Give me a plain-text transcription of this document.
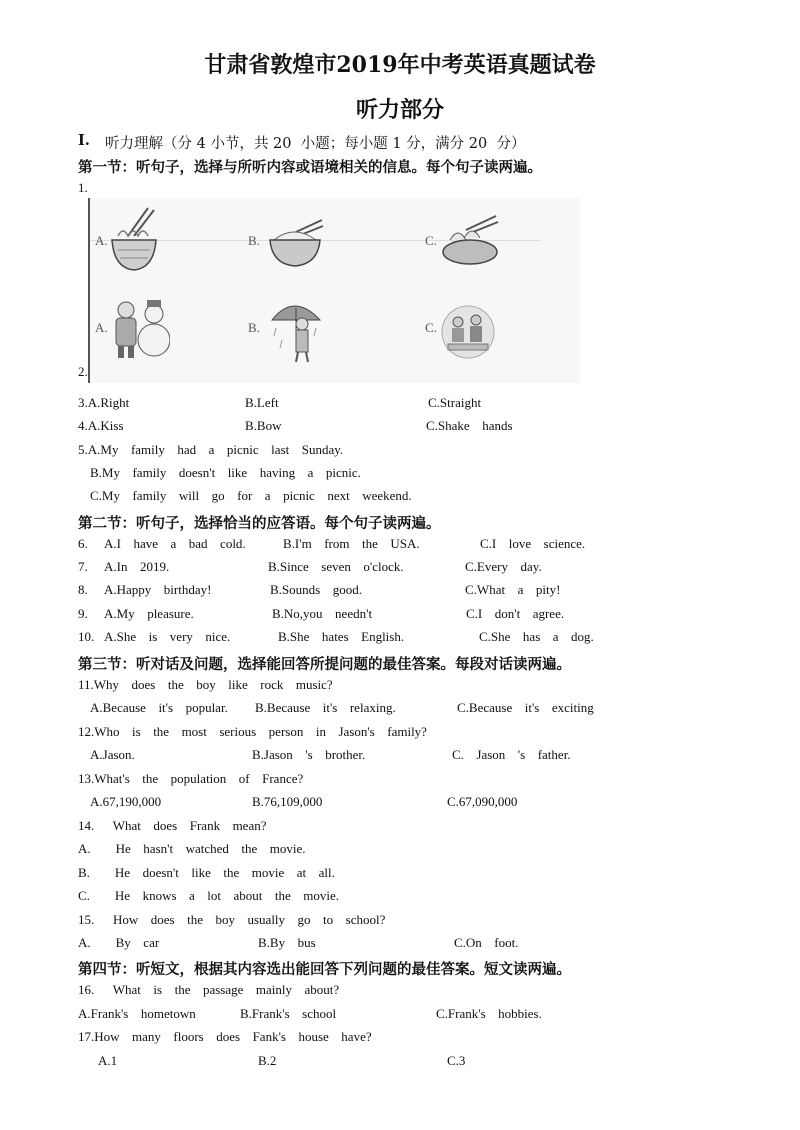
甘肃省敦煌市2019年中考英语真题试卷
听力部分
I. 听力理解（分 4 小节，共 20  小题；每小题 1 分，满分 20  分）
第一节：听句子，选择与所听内容或语境相关的信息。每个句子读两遍。
1.
A.	B.	C.
A.	B.	C.
2.
3.A.Right	B.Left	C.Straight
4.A.Kiss	B.Bow	C.Shake  hands
5.A.My  family  had  a  picnic  last  Sunday.
B.My  family  doesn't  like  having  a  picnic.
C.My  family  will  go  for  a  picnic  next  weekend.
第二节：听句子，选择恰当的应答语。每个句子读两遍。
6. A.I  have  a  bad  cold.	B.I'm  from  the  USA.	C.I  love  science.
7. A.In  2019.	B.Since  seven  o'clock.	C.Every  day.
8. A.Happy  birthday!	B.Sounds  good.	C.What  a  pity!
9. A.My  pleasure.	B.No,you  needn't	C.I  don't  agree.
10. A.She  is  very  nice.	B.She  hates  English.	C.She  has  a  dog.
第三节：听对话及问题，选择能回答所提问题的最佳答案。每段对话读两遍。
11.Why  does  the  boy  like  rock  music?
A.Because  it's  popular. B.Because  it's  relaxing.	C.Because  it's  exciting
12.Who  is  the  most  serious  person  in  Jason's  family?
A.Jason.	B.Jason  's  brother.	C.  Jason  's  father.
13.What's  the  population  of  France?
A.67,190,000	B.76,109,000	C.67,090,000
14.   What  does  Frank  mean?
A.    He  hasn't  watched  the  movie.
B.    He  doesn't  like  the  movie  at  all.
C.    He  knows  a  lot  about  the  movie.
15.   How  does  the  boy  usually  go  to  school?
A.    By  car	B.By  bus	C.On  foot.
第四节：听短文，根据其内容选出能回答下列问题的最佳答案。短文读两遍。
16.   What  is  the  passage  mainly  about?
A.Frank's  hometown	B.Frank's  school	C.Frank's  hobbies.
17.How  many  floors  does  Fank's  house  have?
A.1	B.2	C.3
